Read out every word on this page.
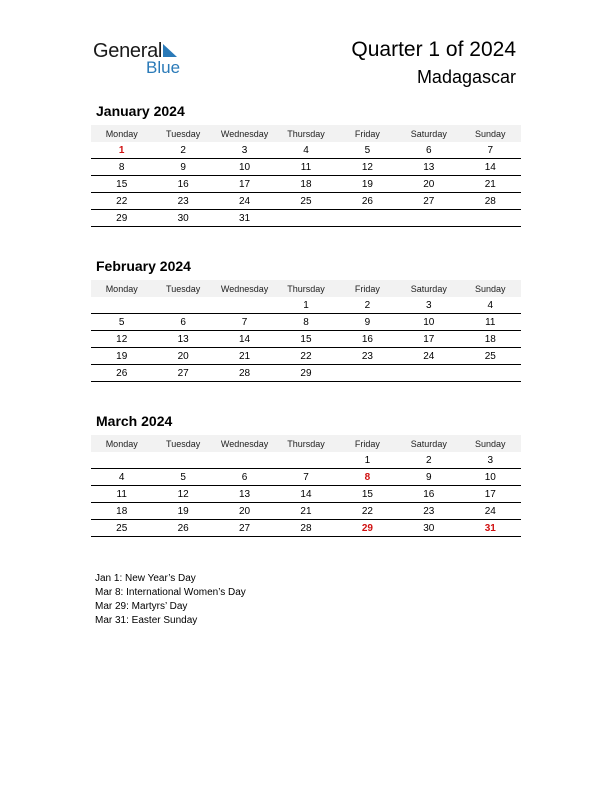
General
Blue
Quarter 1 of 2024
Madagascar
January 2024
Monday	Tuesday	Wednesday	Thursday	Friday	Saturday	Sunday
1	2	3	4	5	6	7
8	9	10	11	12	13	14
15	16	17	18	19	20	21
22	23	24	25	26	27	28
29	30	31				
February 2024
Monday	Tuesday	Wednesday	Thursday	Friday	Saturday	Sunday
			1	2	3	4
5	6	7	8	9	10	11
12	13	14	15	16	17	18
19	20	21	22	23	24	25
26	27	28	29			
March 2024
Monday	Tuesday	Wednesday	Thursday	Friday	Saturday	Sunday
				1	2	3
4	5	6	7	8	9	10
11	12	13	14	15	16	17
18	19	20	21	22	23	24
25	26	27	28	29	30	31
Jan 1: New Year’s Day
Mar 8: International Women’s Day
Mar 29: Martyrs’ Day
Mar 31: Easter Sunday
